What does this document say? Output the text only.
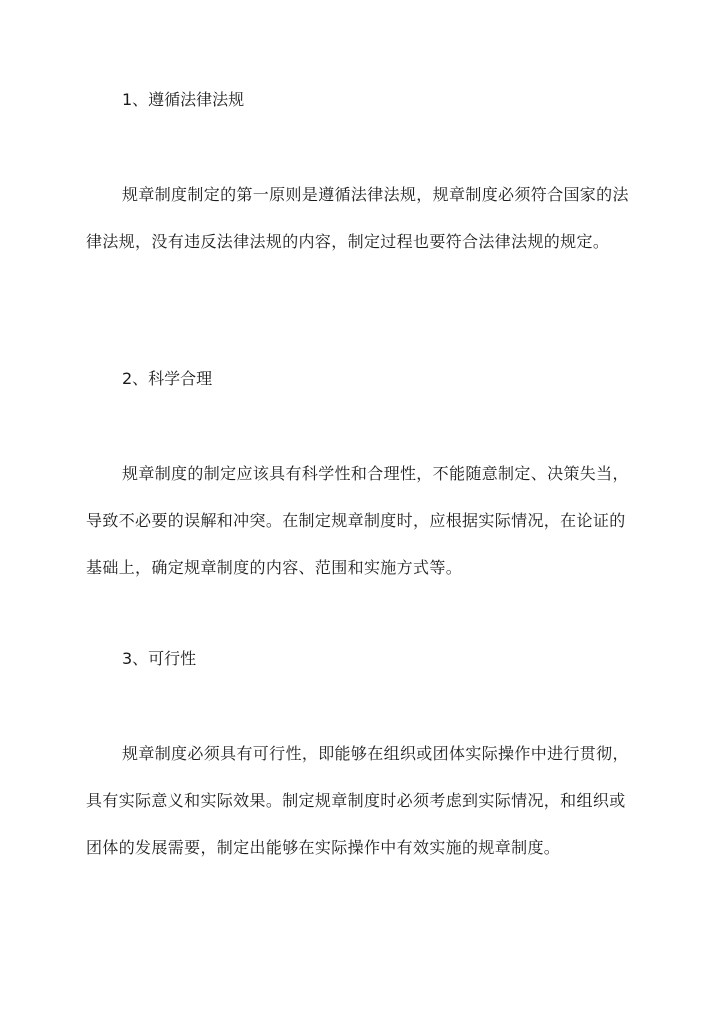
1、遵循法律法规

规章制度制定的第一原则是遵循法律法规，规章制度必须符合国家的法律法规，没有违反法律法规的内容，制定过程也要符合法律法规的规定。

2、科学合理

规章制度的制定应该具有科学性和合理性，不能随意制定、决策失当，导致不必要的误解和冲突。在制定规章制度时，应根据实际情况，在论证的基础上，确定规章制度的内容、范围和实施方式等。

3、可行性

规章制度必须具有可行性，即能够在组织或团体实际操作中进行贯彻，具有实际意义和实际效果。制定规章制度时必须考虑到实际情况，和组织或团体的发展需要，制定出能够在实际操作中有效实施的规章制度。
